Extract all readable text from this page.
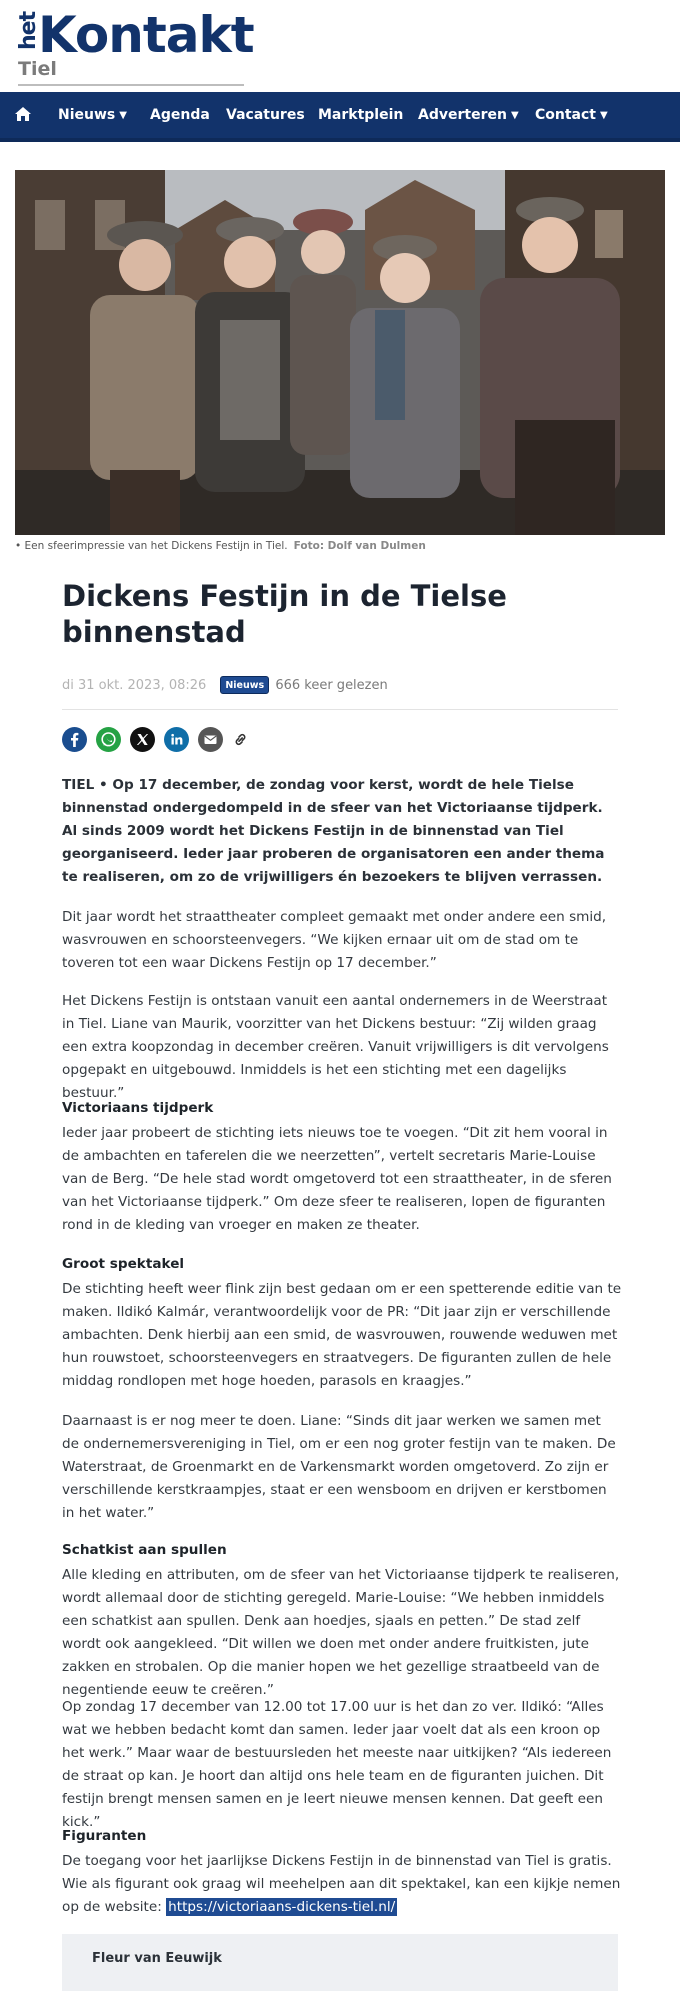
het
Kontakt
Tiel
Nieuws ▼ Agenda Vacatures Marktplein Adverteren ▼ Contact ▼
• Een sfeerimpressie van het Dickens Festijn in Tiel. Foto: Dolf van Dulmen
Dickens Festijn in de Tielse binnenstad
di 31 okt. 2023, 08:26 Nieuws 666 keer gelezen

TIEL • Op 17 december, de zondag voor kerst, wordt de hele Tielse binnenstad ondergedompeld in de sfeer van het Victoriaanse tijdperk. Al sinds 2009 wordt het Dickens Festijn in de binnenstad van Tiel georganiseerd. Ieder jaar proberen de organisatoren een ander thema te realiseren, om zo de vrijwilligers én bezoekers te blijven verrassen.

Dit jaar wordt het straattheater compleet gemaakt met onder andere een smid, wasvrouwen en schoorsteenvegers. “We kijken ernaar uit om de stad om te toveren tot een waar Dickens Festijn op 17 december.”

Het Dickens Festijn is ontstaan vanuit een aantal ondernemers in de Weerstraat in Tiel. Liane van Maurik, voorzitter van het Dickens bestuur: “Zij wilden graag een extra koopzondag in december creëren. Vanuit vrijwilligers is dit vervolgens opgepakt en uitgebouwd. Inmiddels is het een stichting met een dagelijks bestuur.”

Victoriaans tijdperk

Ieder jaar probeert de stichting iets nieuws toe te voegen. “Dit zit hem vooral in de ambachten en taferelen die we neerzetten”, vertelt secretaris Marie-Louise van de Berg. “De hele stad wordt omgetoverd tot een straattheater, in de sferen van het Victoriaanse tijdperk.” Om deze sfeer te realiseren, lopen de figuranten rond in de kleding van vroeger en maken ze theater.

Groot spektakel

De stichting heeft weer flink zijn best gedaan om er een spetterende editie van te maken. Ildikó Kalmár, verantwoordelijk voor de PR: “Dit jaar zijn er verschillende ambachten. Denk hierbij aan een smid, de wasvrouwen, rouwende weduwen met hun rouwstoet, schoorsteenvegers en straatvegers. De figuranten zullen de hele middag rondlopen met hoge hoeden, parasols en kraagjes.”

Daarnaast is er nog meer te doen. Liane: “Sinds dit jaar werken we samen met de ondernemersvereniging in Tiel, om er een nog groter festijn van te maken. De Waterstraat, de Groenmarkt en de Varkensmarkt worden omgetoverd. Zo zijn er verschillende kerstkraampjes, staat er een wensboom en drijven er kerstbomen in het water.”

Schatkist aan spullen

Alle kleding en attributen, om de sfeer van het Victoriaanse tijdperk te realiseren, wordt allemaal door de stichting geregeld. Marie-Louise: “We hebben inmiddels een schatkist aan spullen. Denk aan hoedjes, sjaals en petten.” De stad zelf wordt ook aangekleed. “Dit willen we doen met onder andere fruitkisten, jute zakken en strobalen. Op die manier hopen we het gezellige straatbeeld van de negentiende eeuw te creëren.”

Op zondag 17 december van 12.00 tot 17.00 uur is het dan zo ver. Ildikó: “Alles wat we hebben bedacht komt dan samen. Ieder jaar voelt dat als een kroon op het werk.” Maar waar de bestuursleden het meeste naar uitkijken? “Als iedereen de straat op kan. Je hoort dan altijd ons hele team en de figuranten juichen. Dit festijn brengt mensen samen en je leert nieuwe mensen kennen. Dat geeft een kick.”

Figuranten

De toegang voor het jaarlijkse Dickens Festijn in de binnenstad van Tiel is gratis. Wie als figurant ook graag wil meehelpen aan dit spektakel, kan een kijkje nemen op de website: https://victoriaans-dickens-tiel.nl/

Fleur van Eeuwijk
